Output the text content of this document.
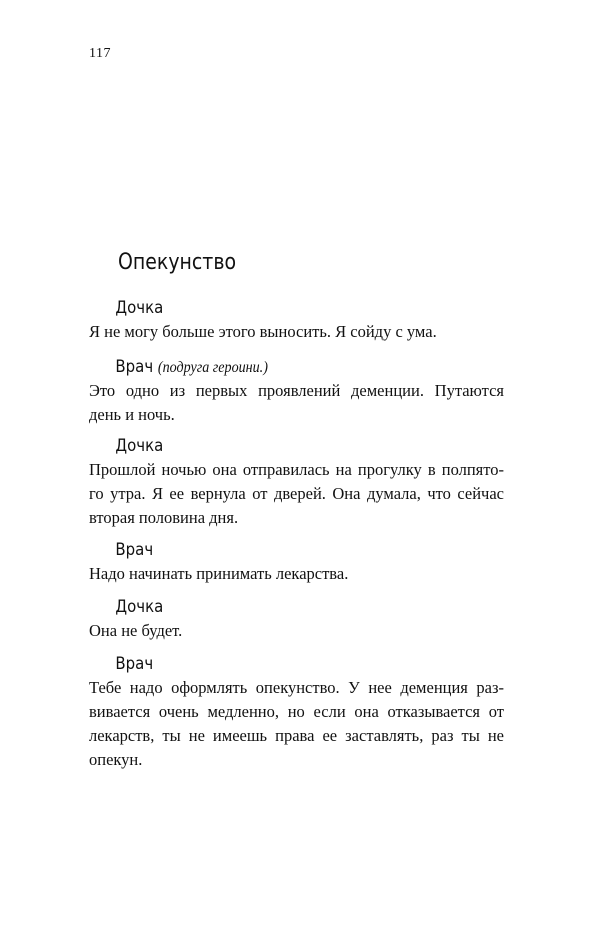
117
Опекунство
Дочка
Я не могу больше этого выносить. Я сойду с ума.
Врач (подруга героини.)
Это одно из первых проявлений деменции. Путаются
день и ночь.
Дочка
Прошлой ночью она отправилась на прогулку в полпято-
го утра. Я ее вернула от дверей. Она думала, что сейчас
вторая половина дня.
Врач
Надо начинать принимать лекарства.
Дочка
Она не будет.
Врач
Тебе надо оформлять опекунство. У нее деменция раз-
вивается очень медленно, но если она отказывается от
лекарств, ты не имеешь права ее заставлять, раз ты не
опекун.
